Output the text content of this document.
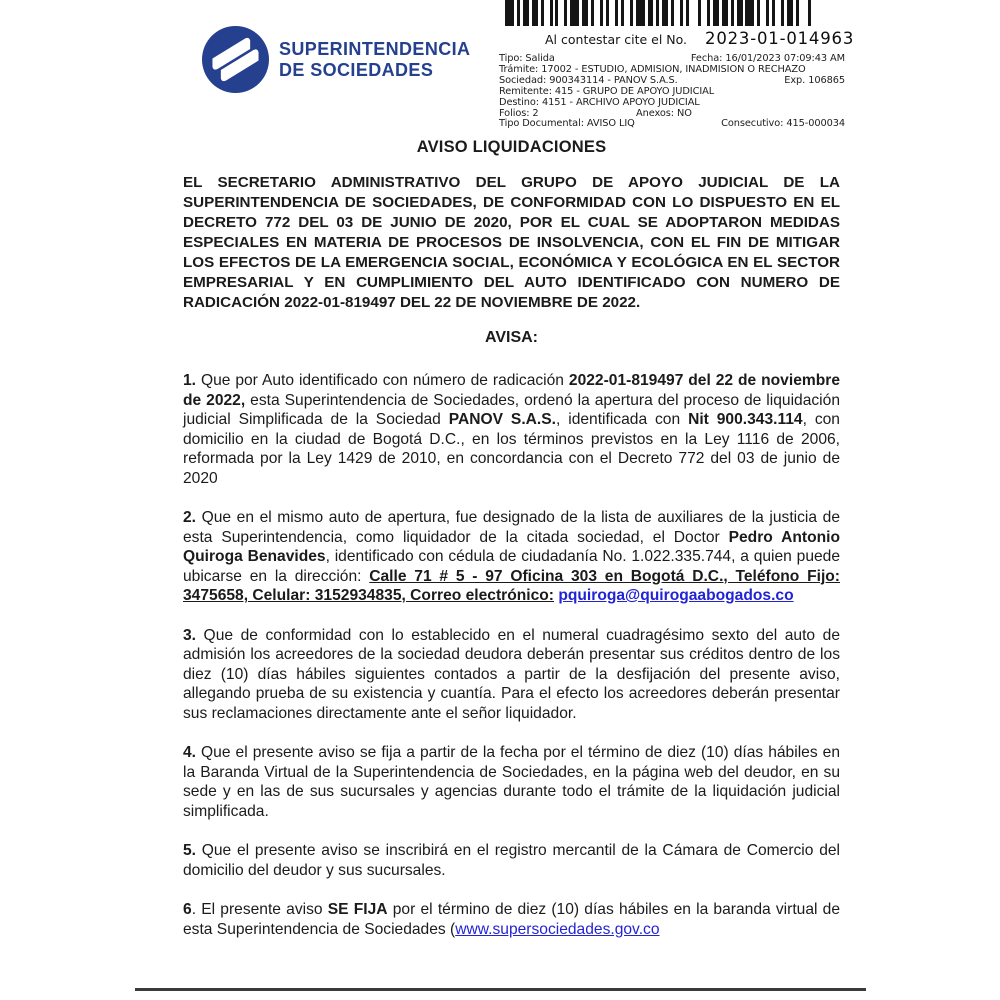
SUPERINTENDENCIA
DE SOCIEDADES
Al contestar cite el No. 2023-01-014963
Tipo: Salida	Fecha: 16/01/2023 07:09:43 AM
Trámite: 17002 - ESTUDIO, ADMISION, INADMISION O RECHAZO
Sociedad: 900343114 - PANOV S.A.S.	Exp. 106865
Remitente: 415 - GRUPO DE APOYO JUDICIAL
Destino: 4151 - ARCHIVO APOYO JUDICIAL
Folios: 2	Anexos: NO
Tipo Documental: AVISO LIQ	Consecutivo: 415-000034
AVISO LIQUIDACIONES

EL SECRETARIO ADMINISTRATIVO DEL GRUPO DE APOYO JUDICIAL DE LA SUPERINTENDENCIA DE SOCIEDADES, DE CONFORMIDAD CON LO DISPUESTO EN EL DECRETO 772 DEL 03 DE JUNIO DE 2020, POR EL CUAL SE ADOPTARON MEDIDAS ESPECIALES EN MATERIA DE PROCESOS DE INSOLVENCIA, CON EL FIN DE MITIGAR LOS EFECTOS DE LA EMERGENCIA SOCIAL, ECONÓMICA Y ECOLÓGICA EN EL SECTOR EMPRESARIAL Y EN CUMPLIMIENTO DEL AUTO IDENTIFICADO CON NUMERO DE RADICACIÓN 2022-01-819497 DEL 22 DE NOVIEMBRE DE 2022.

AVISA:

1. Que por Auto identificado con número de radicación 2022-01-819497 del 22 de noviembre de 2022, esta Superintendencia de Sociedades, ordenó la apertura del proceso de liquidación judicial Simplificada de la Sociedad PANOV S.A.S., identificada con Nit 900.343.114, con domicilio en la ciudad de Bogotá D.C., en los términos previstos en la Ley 1116 de 2006, reformada por la Ley 1429 de 2010, en concordancia con el Decreto 772 del 03 de junio de 2020

2. Que en el mismo auto de apertura, fue designado de la lista de auxiliares de la justicia de esta Superintendencia, como liquidador de la citada sociedad, el Doctor Pedro Antonio Quiroga Benavides, identificado con cédula de ciudadanía No. 1.022.335.744, a quien puede ubicarse en la dirección: Calle 71 # 5 - 97 Oficina 303 en Bogotá D.C., Teléfono Fijo: 3475658, Celular: 3152934835, Correo electrónico: pquiroga@quirogaabogados.co

3. Que de conformidad con lo establecido en el numeral cuadragésimo sexto del auto de admisión los acreedores de la sociedad deudora deberán presentar sus créditos dentro de los diez (10) días hábiles siguientes contados a partir de la desfijación del presente aviso, allegando prueba de su existencia y cuantía. Para el efecto los acreedores deberán presentar sus reclamaciones directamente ante el señor liquidador.

4. Que el presente aviso se fija a partir de la fecha por el término de diez (10) días hábiles en la Baranda Virtual de la Superintendencia de Sociedades, en la página web del deudor, en su sede y en las de sus sucursales y agencias durante todo el trámite de la liquidación judicial simplificada.

5. Que el presente aviso se inscribirá en el registro mercantil de la Cámara de Comercio del domicilio del deudor y sus sucursales.

6. El presente aviso SE FIJA por el término de diez (10) días hábiles en la baranda virtual de esta Superintendencia de Sociedades (www.supersociedades.gov.co
